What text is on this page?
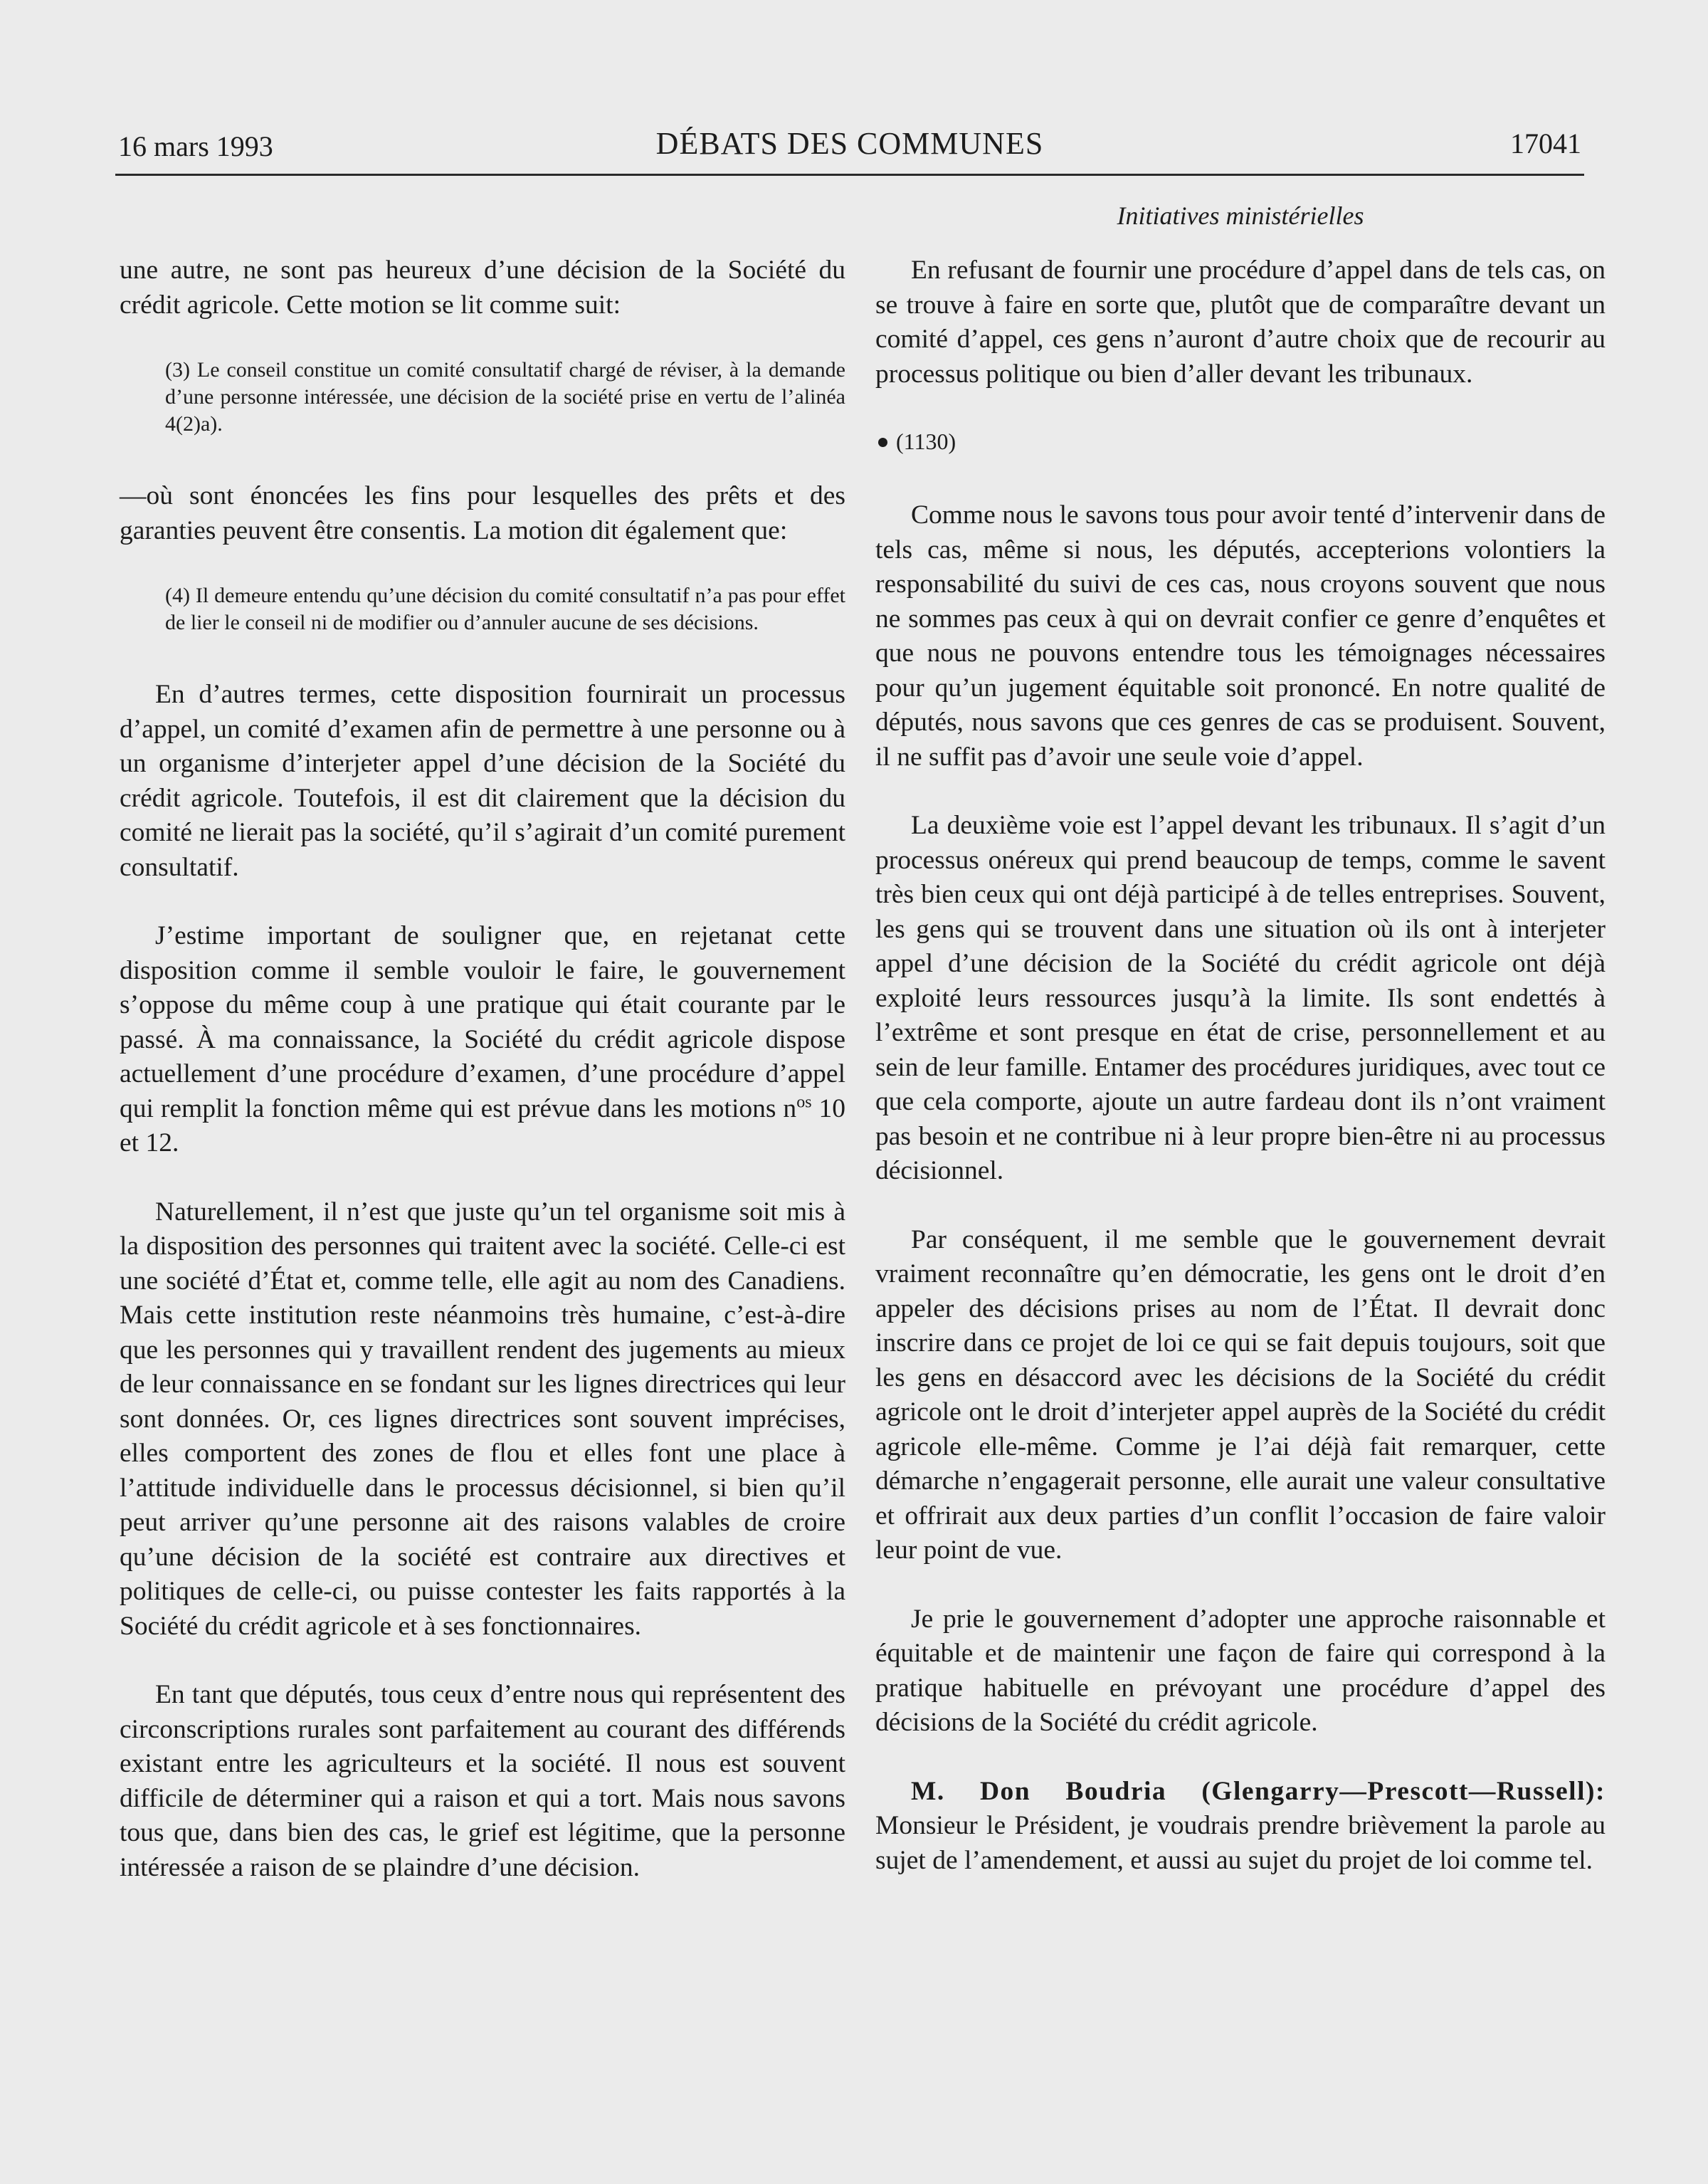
16 mars 1993	DÉBATS DES COMMUNES	17041
Initiatives ministérielles

une autre, ne sont pas heureux d’une décision de la Société du crédit agricole. Cette motion se lit comme suit:

(3) Le conseil constitue un comité consultatif chargé de réviser, à la demande d’une personne intéressée, une décision de la société prise en vertu de l’alinéa 4(2)a).

—où sont énoncées les fins pour lesquelles des prêts et des garanties peuvent être consentis. La motion dit également que:

(4) Il demeure entendu qu’une décision du comité consultatif n’a pas pour effet de lier le conseil ni de modifier ou d’annuler aucune de ses décisions.

En d’autres termes, cette disposition fournirait un processus d’appel, un comité d’examen afin de permettre à une personne ou à un organisme d’interjeter appel d’une décision de la Société du crédit agricole. Toutefois, il est dit clairement que la décision du comité ne lierait pas la société, qu’il s’agirait d’un comité purement consultatif.

J’estime important de souligner que, en rejetanat cette disposition comme il semble vouloir le faire, le gouvernement s’oppose du même coup à une pratique qui était courante par le passé. À ma connaissance, la Société du crédit agricole dispose actuellement d’une procédure d’examen, d’une procédure d’appel qui remplit la fonction même qui est prévue dans les motions $n^{os}$ 10 et 12.

Naturellement, il n’est que juste qu’un tel organisme soit mis à la disposition des personnes qui traitent avec la société. Celle-ci est une société d’État et, comme telle, elle agit au nom des Canadiens. Mais cette institution reste néanmoins très humaine, c’est-à-dire que les personnes qui y travaillent rendent des jugements au mieux de leur connaissance en se fondant sur les lignes directrices qui leur sont données. Or, ces lignes directrices sont souvent imprécises, elles comportent des zones de flou et elles font une place à l’attitude individuelle dans le processus décisionnel, si bien qu’il peut arriver qu’une personne ait des raisons valables de croire qu’une décision de la société est contraire aux directives et politiques de celle-ci, ou puisse contester les faits rapportés à la Société du crédit agricole et à ses fonctionnaires.

En tant que députés, tous ceux d’entre nous qui représentent des circonscriptions rurales sont parfaitement au courant des différends existant entre les agriculteurs et la société. Il nous est souvent difficile de déterminer qui a raison et qui a tort. Mais nous savons tous que, dans bien des cas, le grief est légitime, que la personne intéressée a raison de se plaindre d’une décision.

En refusant de fournir une procédure d’appel dans de tels cas, on se trouve à faire en sorte que, plutôt que de comparaître devant un comité d’appel, ces gens n’auront d’autre choix que de recourir au processus politique ou bien d’aller devant les tribunaux.

(1130)

Comme nous le savons tous pour avoir tenté d’intervenir dans de tels cas, même si nous, les députés, accepterions volontiers la responsabilité du suivi de ces cas, nous croyons souvent que nous ne sommes pas ceux à qui on devrait confier ce genre d’enquêtes et que nous ne pouvons entendre tous les témoignages nécessaires pour qu’un jugement équitable soit prononcé. En notre qualité de députés, nous savons que ces genres de cas se produisent. Souvent, il ne suffit pas d’avoir une seule voie d’appel.

La deuxième voie est l’appel devant les tribunaux. Il s’agit d’un processus onéreux qui prend beaucoup de temps, comme le savent très bien ceux qui ont déjà participé à de telles entreprises. Souvent, les gens qui se trouvent dans une situation où ils ont à interjeter appel d’une décision de la Société du crédit agricole ont déjà exploité leurs ressources jusqu’à la limite. Ils sont endettés à l’extrême et sont presque en état de crise, personnellement et au sein de leur famille. Entamer des procédures juridiques, avec tout ce que cela comporte, ajoute un autre fardeau dont ils n’ont vraiment pas besoin et ne contribue ni à leur propre bien-être ni au processus décisionnel.

Par conséquent, il me semble que le gouvernement devrait vraiment reconnaître qu’en démocratie, les gens ont le droit d’en appeler des décisions prises au nom de l’État. Il devrait donc inscrire dans ce projet de loi ce qui se fait depuis toujours, soit que les gens en désaccord avec les décisions de la Société du crédit agricole ont le droit d’interjeter appel auprès de la Société du crédit agricole elle-même. Comme je l’ai déjà fait remarquer, cette démarche n’engagerait personne, elle aurait une valeur consultative et offrirait aux deux parties d’un conflit l’occasion de faire valoir leur point de vue.

Je prie le gouvernement d’adopter une approche raisonnable et équitable et de maintenir une façon de faire qui correspond à la pratique habituelle en prévoyant une procédure d’appel des décisions de la Société du crédit agricole.

M. Don Boudria (Glengarry—Prescott—Russell): Monsieur le Président, je voudrais prendre brièvement la parole au sujet de l’amendement, et aussi au sujet du projet de loi comme tel.
